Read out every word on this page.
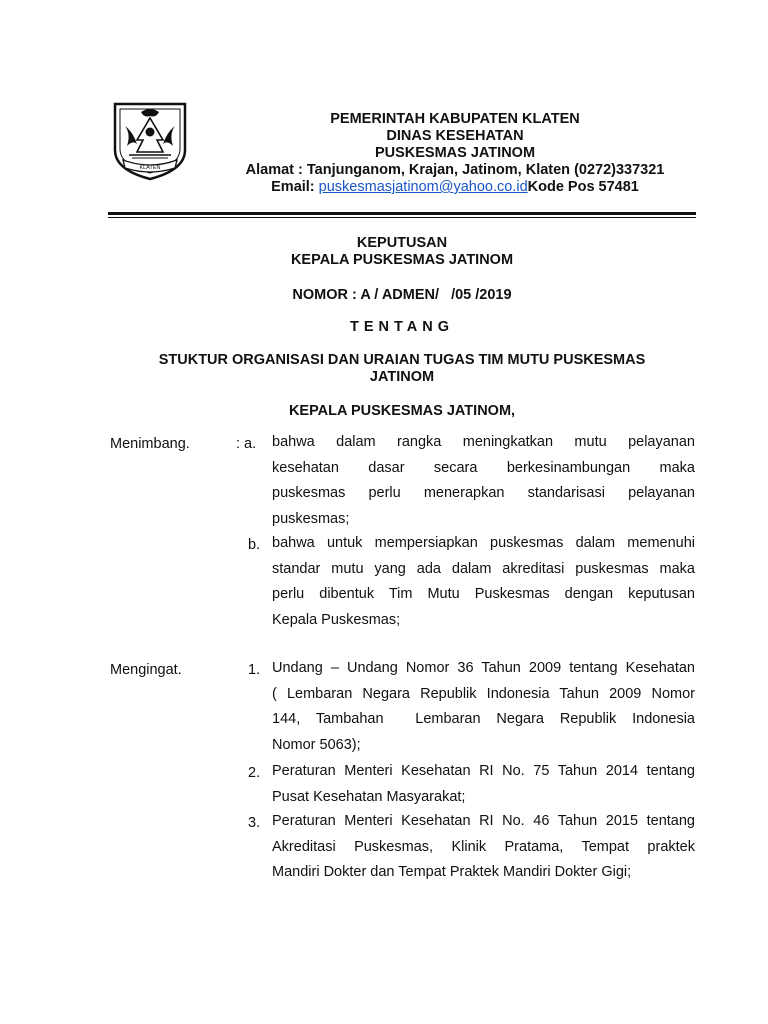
KLATEN
PEMERINTAH KABUPATEN KLATEN
DINAS KESEHATAN
PUSKESMAS JATINOM
Alamat : Tanjunganom, Krajan, Jatinom, Klaten (0272)337321
Email: puskesmasjatinom@yahoo.co.idKode Pos 57481
KEPUTUSAN
KEPALA PUSKESMAS JATINOM
NOMOR : A / ADMEN/   /05 /2019
TENTANG
STUKTUR ORGANISASI DAN URAIAN TUGAS TIM MUTU PUSKESMAS
JATINOM
KEPALA PUSKESMAS JATINOM,
Menimbang.	: a. bahwa dalam rangka meningkatkan mutu pelayanan
kesehatan dasar secara berkesinambungan maka
puskesmas perlu menerapkan standarisasi pelayanan
puskesmas;
b. bahwa untuk mempersiapkan puskesmas dalam memenuhi
standar mutu yang ada dalam akreditasi puskesmas maka
perlu dibentuk Tim Mutu Puskesmas dengan keputusan
Kepala Puskesmas;
Mengingat.	1. Undang – Undang Nomor 36 Tahun 2009 tentang Kesehatan
( Lembaran Negara Republik Indonesia Tahun 2009 Nomor
144, Tambahan  Lembaran Negara Republik Indonesia
Nomor 5063);
2. Peraturan Menteri Kesehatan RI No. 75 Tahun 2014 tentang
Pusat Kesehatan Masyarakat;
3. Peraturan Menteri Kesehatan RI No. 46 Tahun 2015 tentang
Akreditasi Puskesmas, Klinik Pratama, Tempat praktek
Mandiri Dokter dan Tempat Praktek Mandiri Dokter Gigi;
